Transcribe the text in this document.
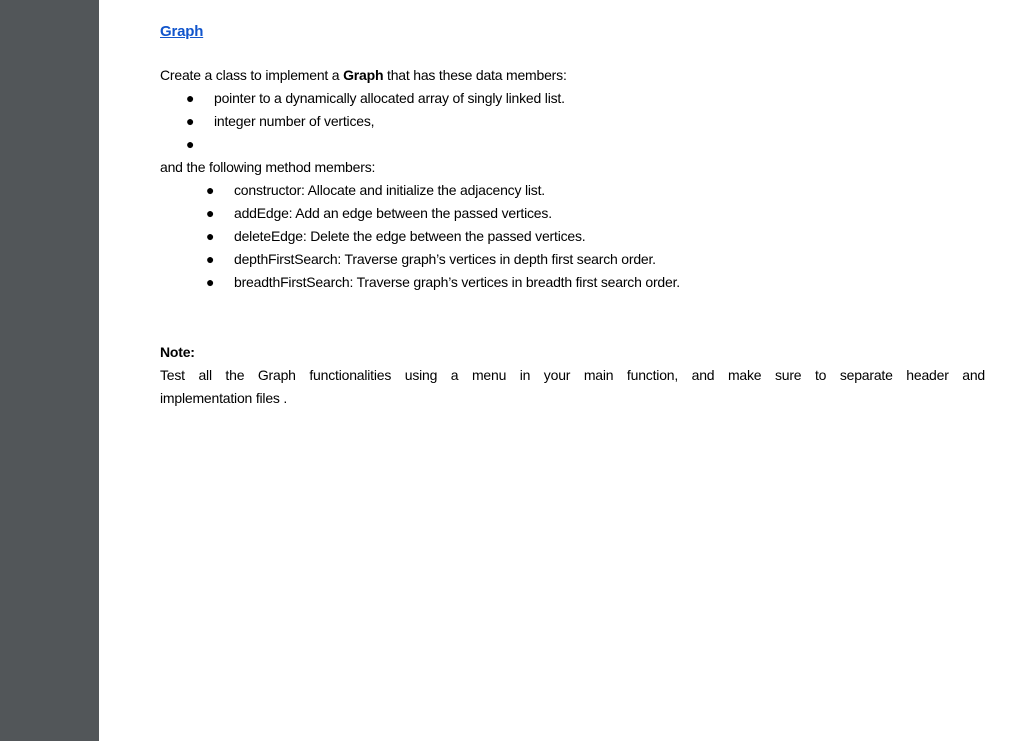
Graph
Create a class to implement a Graph that has these data members:
● pointer to a dynamically allocated array of singly linked list.
● integer number of vertices,
●
and the following method members:
● constructor: Allocate and initialize the adjacency list.
● addEdge: Add an edge between the passed vertices.
● deleteEdge: Delete the edge between the passed vertices.
● depthFirstSearch: Traverse graph’s vertices in depth first search order.
● breadthFirstSearch: Traverse graph’s vertices in breadth first search order.
Note:
Test all the Graph functionalities using a menu in your main function, and make sure to separate header and
implementation files .
